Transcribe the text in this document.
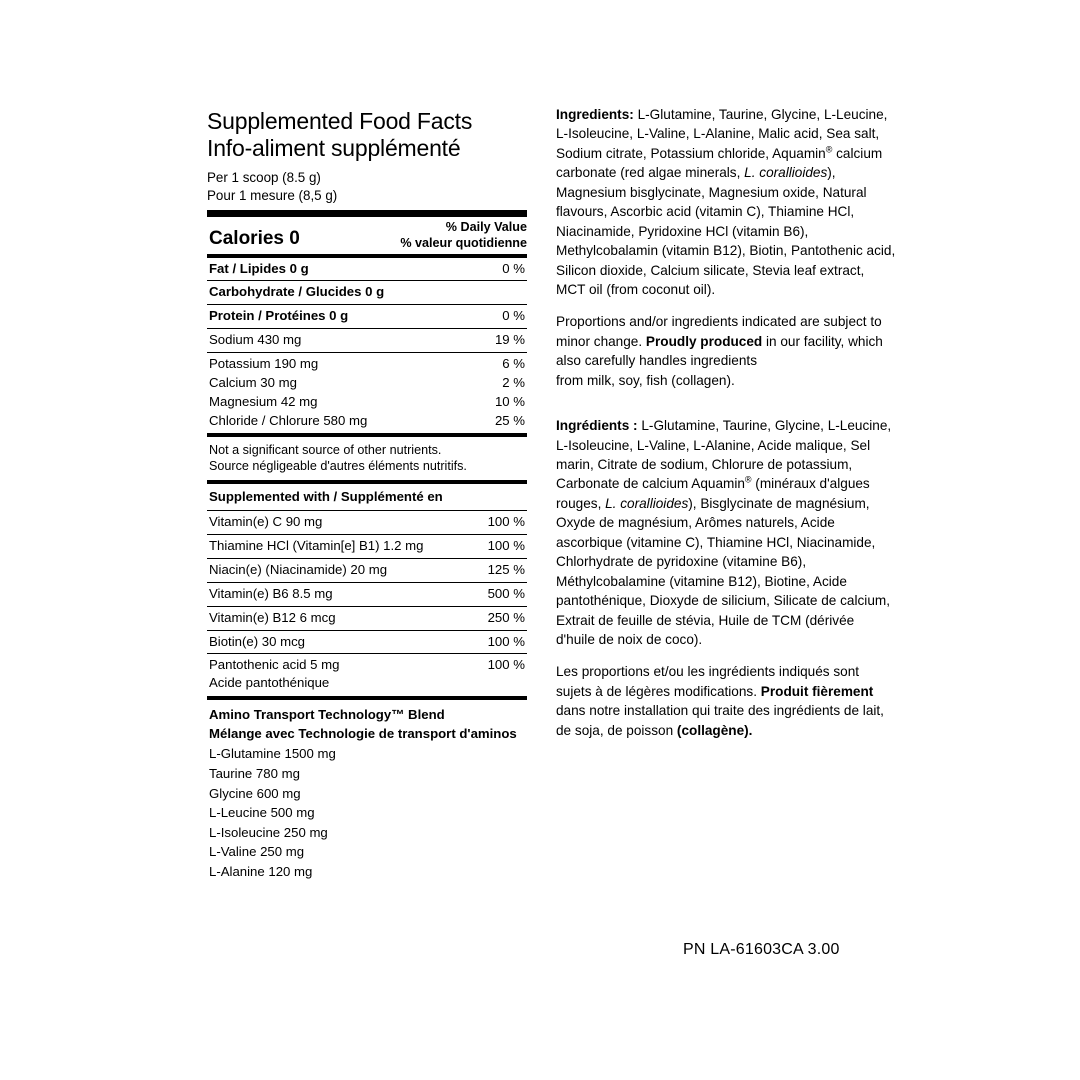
Supplemented Food Facts
Info-aliment supplémenté
Per 1 scoop (8.5 g)
Pour 1 mesure (8,5 g)
Calories 0
% Daily Value
% valeur quotidienne
Fat / Lipides 0 g	0 %
Carbohydrate / Glucides 0 g
Protein / Protéines 0 g	0 %
Sodium 430 mg	19 %
Potassium 190 mg	6 %
Calcium 30 mg	2 %
Magnesium 42 mg	10 %
Chloride / Chlorure 580 mg	25 %
Not a significant source of other nutrients.
Source négligeable d'autres éléments nutritifs.
Supplemented with / Supplémenté en
Vitamin(e) C 90 mg	100 %
Thiamine HCl (Vitamin[e] B1) 1.2 mg	100 %
Niacin(e) (Niacinamide) 20 mg	125 %
Vitamin(e) B6 8.5 mg	500 %
Vitamin(e) B12 6 mcg	250 %
Biotin(e) 30 mcg	100 %
Pantothenic acid 5 mg	100 %
Acide pantothénique
Amino Transport Technology™ Blend
Mélange avec Technologie de transport d'aminos
L-Glutamine 1500 mg
Taurine 780 mg
Glycine 600 mg
L-Leucine 500 mg
L-Isoleucine 250 mg
L-Valine 250 mg
L-Alanine 120 mg
Ingredients: L-Glutamine, Taurine, Glycine, L-Leucine, L-Isoleucine, L-Valine, L-Alanine, Malic acid, Sea salt, Sodium citrate, Potassium chloride, Aquamin® calcium carbonate (red algae minerals, L. corallioides), Magnesium bisglycinate, Magnesium oxide, Natural flavours, Ascorbic acid (vitamin C), Thiamine HCl, Niacinamide, Pyridoxine HCl (vitamin B6), Methylcobalamin (vitamin B12), Biotin, Pantothenic acid, Silicon dioxide, Calcium silicate, Stevia leaf extract, MCT oil (from coconut oil).
Proportions and/or ingredients indicated are subject to minor change. Proudly produced in our facility, which also carefully handles ingredients
from milk, soy, fish (collagen).
Ingrédients : L-Glutamine, Taurine, Glycine, L-Leucine, L-Isoleucine, L-Valine, L-Alanine, Acide malique, Sel marin, Citrate de sodium, Chlorure de potassium, Carbonate de calcium Aquamin® (minéraux d'algues rouges, L. corallioides), Bisglycinate de magnésium, Oxyde de magnésium, Arômes naturels, Acide ascorbique (vitamine C), Thiamine HCl, Niacinamide, Chlorhydrate de pyridoxine (vitamine B6), Méthylcobalamine (vitamine B12), Biotine, Acide pantothénique, Dioxyde de silicium, Silicate de calcium, Extrait de feuille de stévia, Huile de TCM (dérivée d'huile de noix de coco).
Les proportions et/ou les ingrédients indiqués sont sujets à de légères modifications. Produit fièrement dans notre installation qui traite des ingrédients de lait, de soja, de poisson (collagène).
PN LA-61603CA 3.00
